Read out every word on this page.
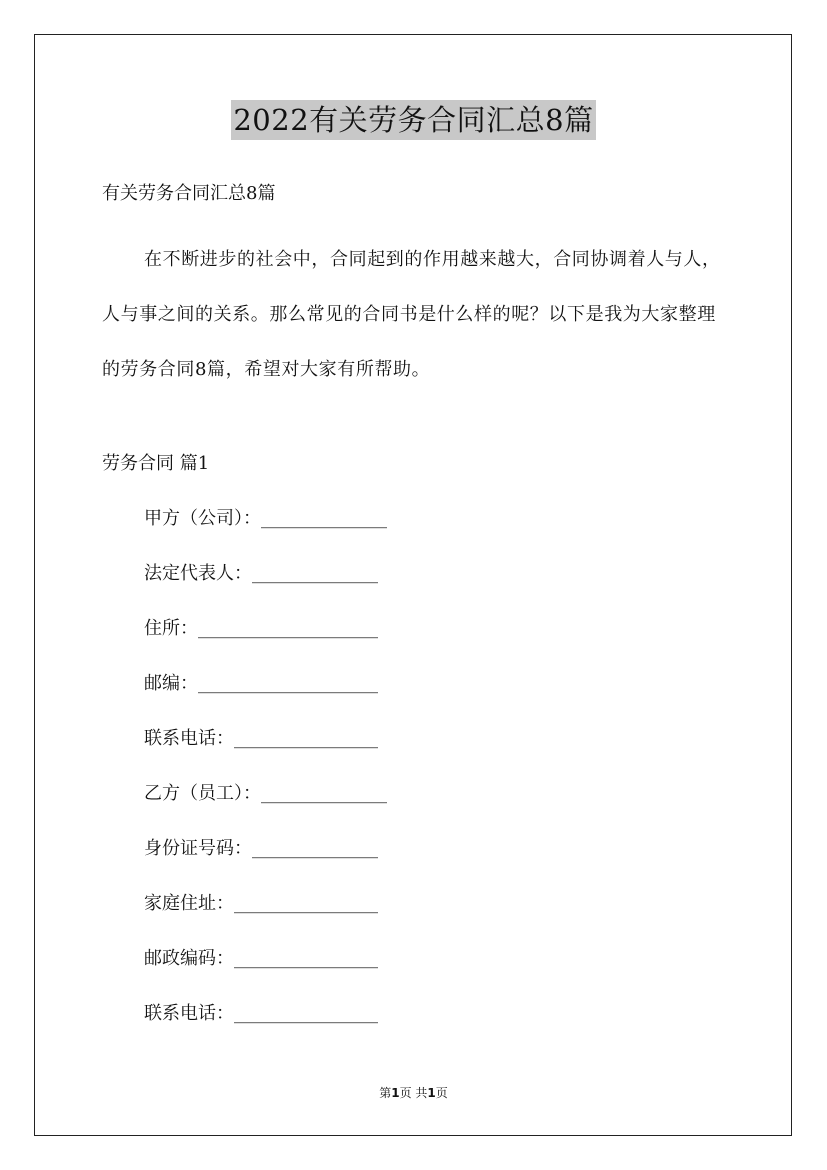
2022有关劳务合同汇总8篇
有关劳务合同汇总8篇

在不断进步的社会中，合同起到的作用越来越大，合同协调着人与人，人与事之间的关系。那么常见的合同书是什么样的呢？以下是我为大家整理的劳务合同8篇，希望对大家有所帮助。

劳务合同 篇1
甲方（公司）：______________
法定代表人：______________
住所：____________________
邮编：____________________
联系电话：________________
乙方（员工）：______________
身份证号码：______________
家庭住址：________________
邮政编码：________________
联系电话：________________
第1页 共1页
